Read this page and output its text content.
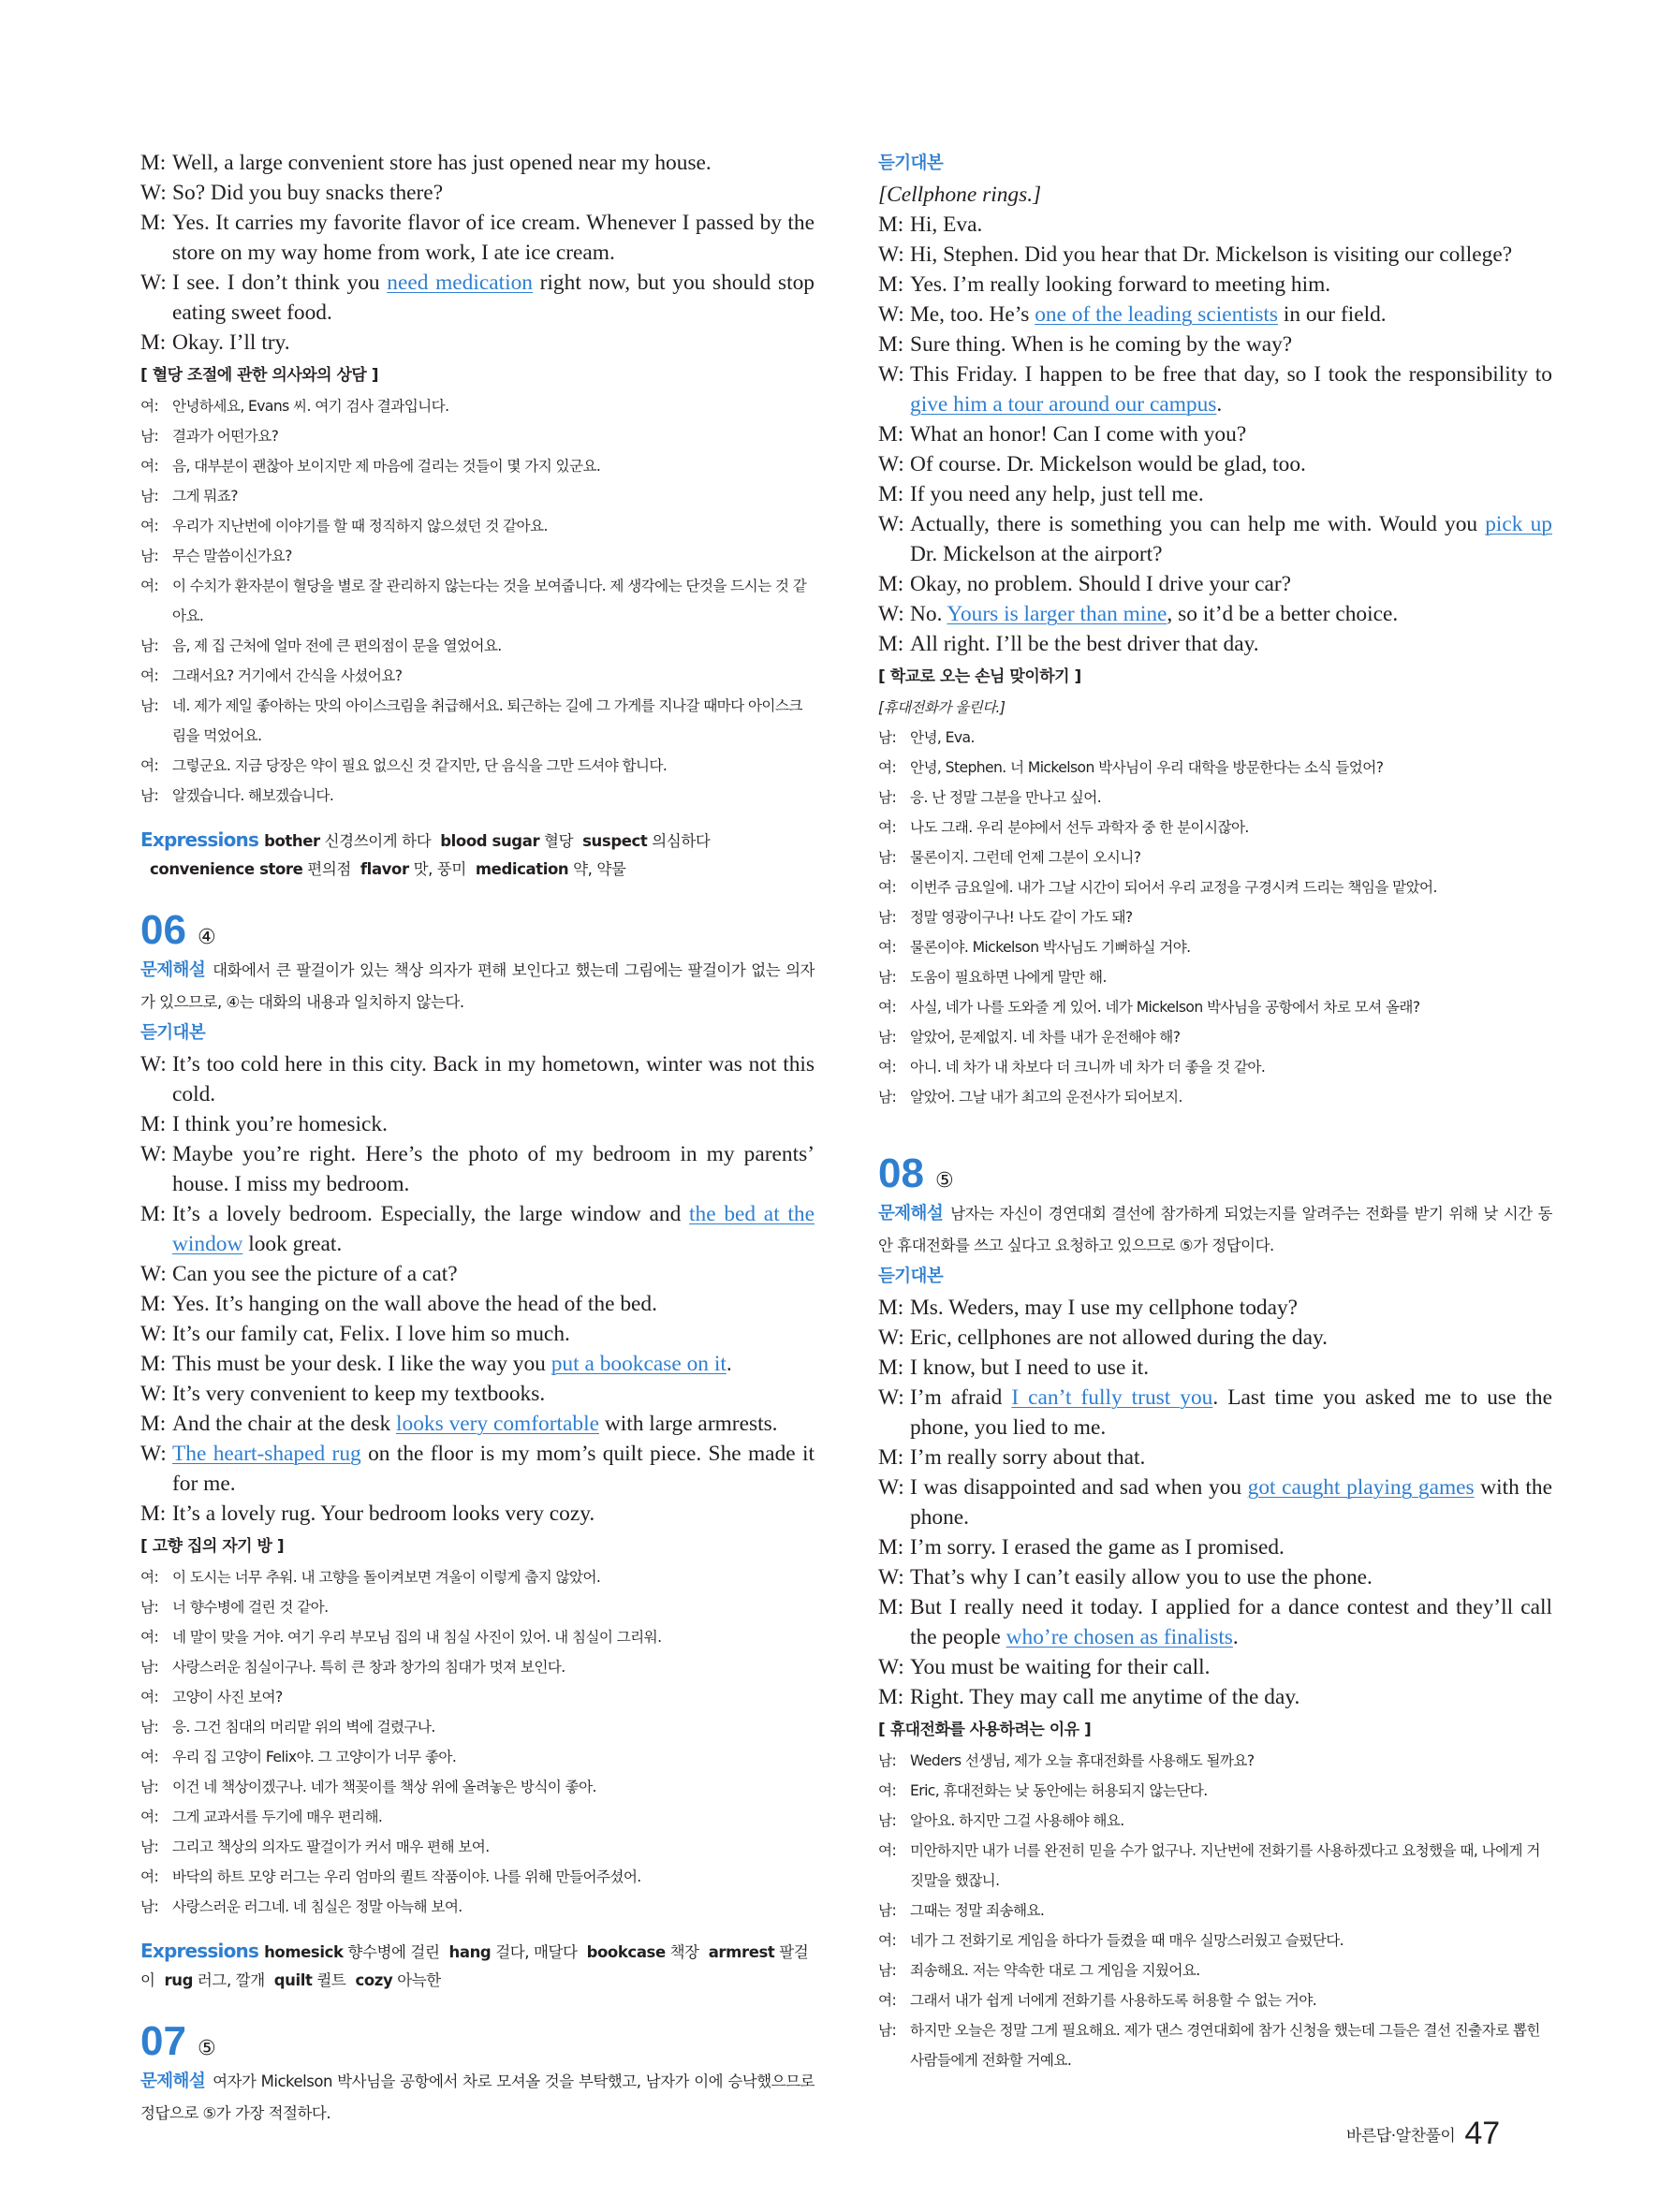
M: Well, a large convenient store has just opened near my house.
W: So? Did you buy snacks there?
M: Yes. It carries my favorite flavor of ice cream. Whenever I passed by the store on my way home from work, I ate ice cream.
W: I see. I don’t think you need medication right now, but you should stop eating sweet food.
M: Okay. I’ll try.
[ 혈당 조절에 관한 의사와의 상담 ]
여: 안녕하세요, Evans 씨. 여기 검사 결과입니다.
남: 결과가 어떤가요?
여: 음, 대부분이 괜찮아 보이지만 제 마음에 걸리는 것들이 몇 가지 있군요.
남: 그게 뭐죠?
여: 우리가 지난번에 이야기를 할 때 정직하지 않으셨던 것 같아요.
남: 무슨 말씀이신가요?
여: 이 수치가 환자분이 혈당을 별로 잘 관리하지 않는다는 것을 보여줍니다. 제 생각에는 단것을 드시는 것 같아요.
남: 음, 제 집 근처에 얼마 전에 큰 편의점이 문을 열었어요.
여: 그래서요? 거기에서 간식을 사셨어요?
남: 네. 제가 제일 좋아하는 맛의 아이스크림을 취급해서요. 퇴근하는 길에 그 가게를 지나갈 때마다 아이스크림을 먹었어요.
여: 그렇군요. 지금 당장은 약이 필요 없으신 것 같지만, 단 음식을 그만 드셔야 합니다.
남: 알겠습니다. 해보겠습니다.
Expressions bother 신경쓰이게 하다 blood sugar 혈당 suspect 의심하다convenience store 편의점 flavor 맛, 풍미 medication 약, 약물
06 ④
문제해설 대화에서 큰 팔걸이가 있는 책상 의자가 편해 보인다고 했는데 그림에는 팔걸이가 없는 의자가 있으므로, ④는 대화의 내용과 일치하지 않는다.
듣기대본
W: It’s too cold here in this city. Back in my hometown, winter was not this cold.
M: I think you’re homesick.
W: Maybe you’re right. Here’s the photo of my bedroom in my parents’ house. I miss my bedroom.
M: It’s a lovely bedroom. Especially, the large window and the bed at the window look great.
W: Can you see the picture of a cat?
M: Yes. It’s hanging on the wall above the head of the bed.
W: It’s our family cat, Felix. I love him so much.
M: This must be your desk. I like the way you put a bookcase on it.
W: It’s very convenient to keep my textbooks.
M: And the chair at the desk looks very comfortable with large armrests.
W: The heart-shaped rug on the floor is my mom’s quilt piece. She made it for me.
M: It’s a lovely rug. Your bedroom looks very cozy.
[ 고향 집의 자기 방 ]
여: 이 도시는 너무 추워. 내 고향을 돌이켜보면 겨울이 이렇게 춥지 않았어.
남: 너 향수병에 걸린 것 같아.
여: 네 말이 맞을 거야. 여기 우리 부모님 집의 내 침실 사진이 있어. 내 침실이 그리워.
남: 사랑스러운 침실이구나. 특히 큰 창과 창가의 침대가 멋져 보인다.
여: 고양이 사진 보여?
남: 응. 그건 침대의 머리맡 위의 벽에 걸렸구나.
여: 우리 집 고양이 Felix야. 그 고양이가 너무 좋아.
남: 이건 네 책상이겠구나. 네가 책꽂이를 책상 위에 올려놓은 방식이 좋아.
여: 그게 교과서를 두기에 매우 편리해.
남: 그리고 책상의 의자도 팔걸이가 커서 매우 편해 보여.
여: 바닥의 하트 모양 러그는 우리 엄마의 퀼트 작품이야. 나를 위해 만들어주셨어.
남: 사랑스러운 러그네. 네 침실은 정말 아늑해 보여.
Expressions homesick 향수병에 걸린 hang 걸다, 매달다 bookcase 책장 armrest 팔걸이 rug 러그, 깔개 quilt 퀼트 cozy 아늑한
07 ⑤
문제해설 여자가 Mickelson 박사님을 공항에서 차로 모셔올 것을 부탁했고, 남자가 이에 승낙했으므로 정답으로 ⑤가 가장 적절하다.
듣기대본
[Cellphone rings.]
M: Hi, Eva.
W: Hi, Stephen. Did you hear that Dr. Mickelson is visiting our college?
M: Yes. I’m really looking forward to meeting him.
W: Me, too. He’s one of the leading scientists in our field.
M: Sure thing. When is he coming by the way?
W: This Friday. I happen to be free that day, so I took the responsibility to give him a tour around our campus.
M: What an honor! Can I come with you?
W: Of course. Dr. Mickelson would be glad, too.
M: If you need any help, just tell me.
W: Actually, there is something you can help me with. Would you pick up Dr. Mickelson at the airport?
M: Okay, no problem. Should I drive your car?
W: No. Yours is larger than mine, so it’d be a better choice.
M: All right. I’ll be the best driver that day.
[ 학교로 오는 손님 맞이하기 ]
[휴대전화가 울린다.]
남: 안녕, Eva.
여: 안녕, Stephen. 너 Mickelson 박사님이 우리 대학을 방문한다는 소식 들었어?
남: 응. 난 정말 그분을 만나고 싶어.
여: 나도 그래. 우리 분야에서 선두 과학자 중 한 분이시잖아.
남: 물론이지. 그런데 언제 그분이 오시니?
여: 이번주 금요일에. 내가 그날 시간이 되어서 우리 교정을 구경시켜 드리는 책임을 맡았어.
남: 정말 영광이구나! 나도 같이 가도 돼?
여: 물론이야. Mickelson 박사님도 기뻐하실 거야.
남: 도움이 필요하면 나에게 말만 해.
여: 사실, 네가 나를 도와줄 게 있어. 네가 Mickelson 박사님을 공항에서 차로 모셔 올래?
남: 알았어, 문제없지. 네 차를 내가 운전해야 해?
여: 아니. 네 차가 내 차보다 더 크니까 네 차가 더 좋을 것 같아.
남: 알았어. 그날 내가 최고의 운전사가 되어보지.
08 ⑤
문제해설 남자는 자신이 경연대회 결선에 참가하게 되었는지를 알려주는 전화를 받기 위해 낮 시간 동안 휴대전화를 쓰고 싶다고 요청하고 있으므로 ⑤가 정답이다.
듣기대본
M: Ms. Weders, may I use my cellphone today?
W: Eric, cellphones are not allowed during the day.
M: I know, but I need to use it.
W: I’m afraid I can’t fully trust you. Last time you asked me to use the phone, you lied to me.
M: I’m really sorry about that.
W: I was disappointed and sad when you got caught playing games with the phone.
M: I’m sorry. I erased the game as I promised.
W: That’s why I can’t easily allow you to use the phone.
M: But I really need it today. I applied for a dance contest and they’ll call the people who’re chosen as finalists.
W: You must be waiting for their call.
M: Right. They may call me anytime of the day.
[ 휴대전화를 사용하려는 이유 ]
남: Weders 선생님, 제가 오늘 휴대전화를 사용해도 될까요?
여: Eric, 휴대전화는 낮 동안에는 허용되지 않는단다.
남: 알아요. 하지만 그걸 사용해야 해요.
여: 미안하지만 내가 너를 완전히 믿을 수가 없구나. 지난번에 전화기를 사용하겠다고 요청했을 때, 나에게 거짓말을 했잖니.
남: 그때는 정말 죄송해요.
여: 네가 그 전화기로 게임을 하다가 들켰을 때 매우 실망스러웠고 슬펐단다.
남: 죄송해요. 저는 약속한 대로 그 게임을 지웠어요.
여: 그래서 내가 쉽게 너에게 전화기를 사용하도록 허용할 수 없는 거야.
남: 하지만 오늘은 정말 그게 필요해요. 제가 댄스 경연대회에 참가 신청을 했는데 그들은 결선 진출자로 뽑힌 사람들에게 전화할 거예요.
바른답·알찬풀이 47
